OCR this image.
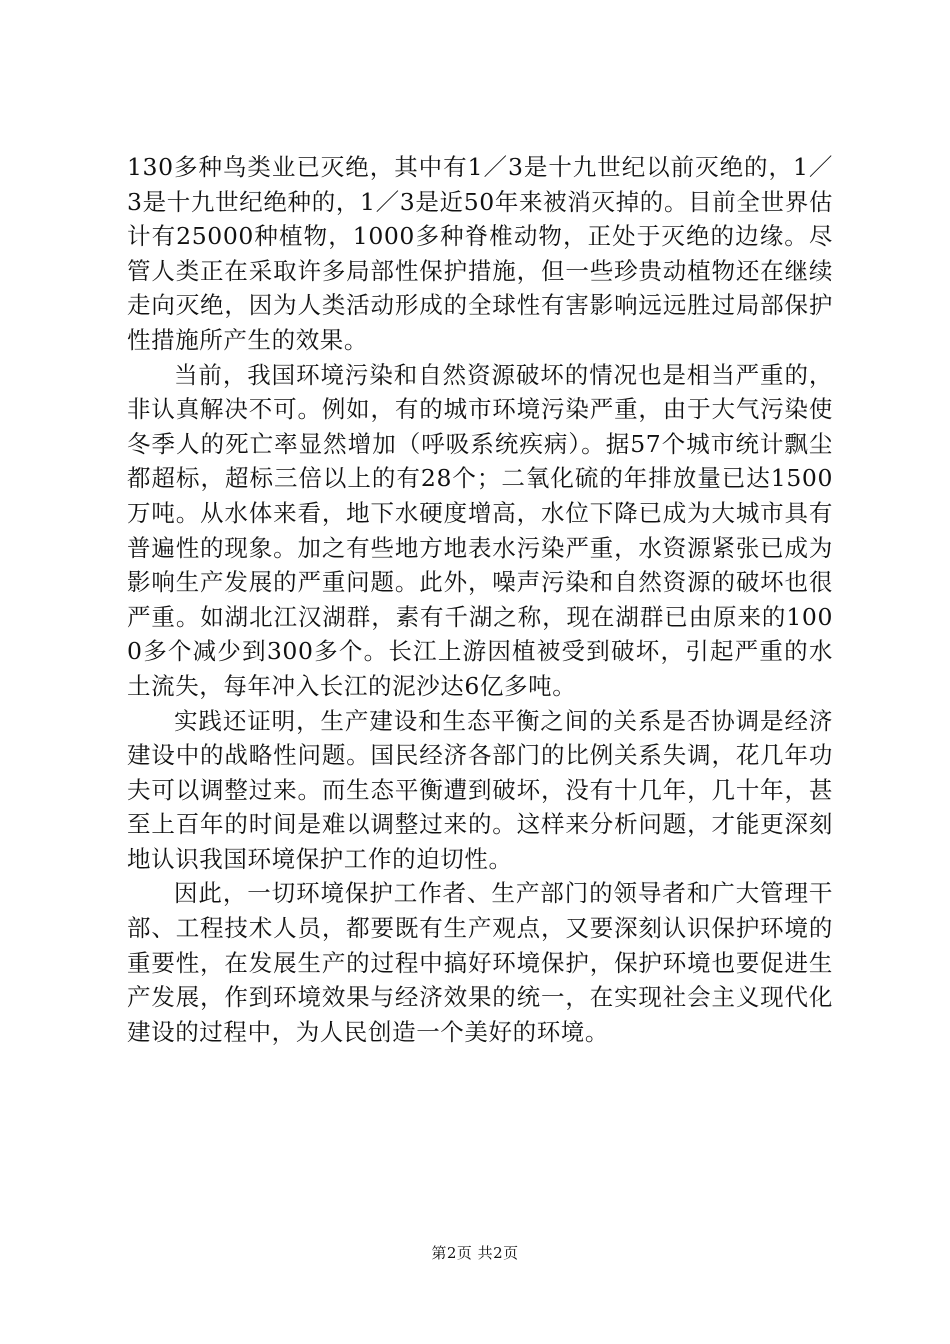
130多种鸟类业已灭绝，其中有1／3是十九世纪以前灭绝的，1／3是十九世纪绝种的，1／3是近50年来被消灭掉的。目前全世界估计有25000种植物，1000多种脊椎动物，正处于灭绝的边缘。尽管人类正在采取许多局部性保护措施，但一些珍贵动植物还在继续走向灭绝，因为人类活动形成的全球性有害影响远远胜过局部保护性措施所产生的效果。

当前，我国环境污染和自然资源破坏的情况也是相当严重的，非认真解决不可。例如，有的城市环境污染严重，由于大气污染使冬季人的死亡率显然增加（呼吸系统疾病）。据57个城市统计飘尘都超标，超标三倍以上的有28个；二氧化硫的年排放量已达1500万吨。从水体来看，地下水硬度增高，水位下降已成为大城市具有普遍性的现象。加之有些地方地表水污染严重，水资源紧张已成为影响生产发展的严重问题。此外，噪声污染和自然资源的破坏也很严重。如湖北江汉湖群，素有千湖之称，现在湖群已由原来的1000多个减少到300多个。长江上游因植被受到破坏，引起严重的水土流失，每年冲入长江的泥沙达6亿多吨。

实践还证明，生产建设和生态平衡之间的关系是否协调是经济建设中的战略性问题。国民经济各部门的比例关系失调，花几年功夫可以调整过来。而生态平衡遭到破坏，没有十几年，几十年，甚至上百年的时间是难以调整过来的。这样来分析问题，才能更深刻地认识我国环境保护工作的迫切性。

因此，一切环境保护工作者、生产部门的领导者和广大管理干部、工程技术人员，都要既有生产观点，又要深刻认识保护环境的重要性，在发展生产的过程中搞好环境保护，保护环境也要促进生产发展，作到环境效果与经济效果的统一，在实现社会主义现代化建设的过程中，为人民创造一个美好的环境。

第2页 共2页
